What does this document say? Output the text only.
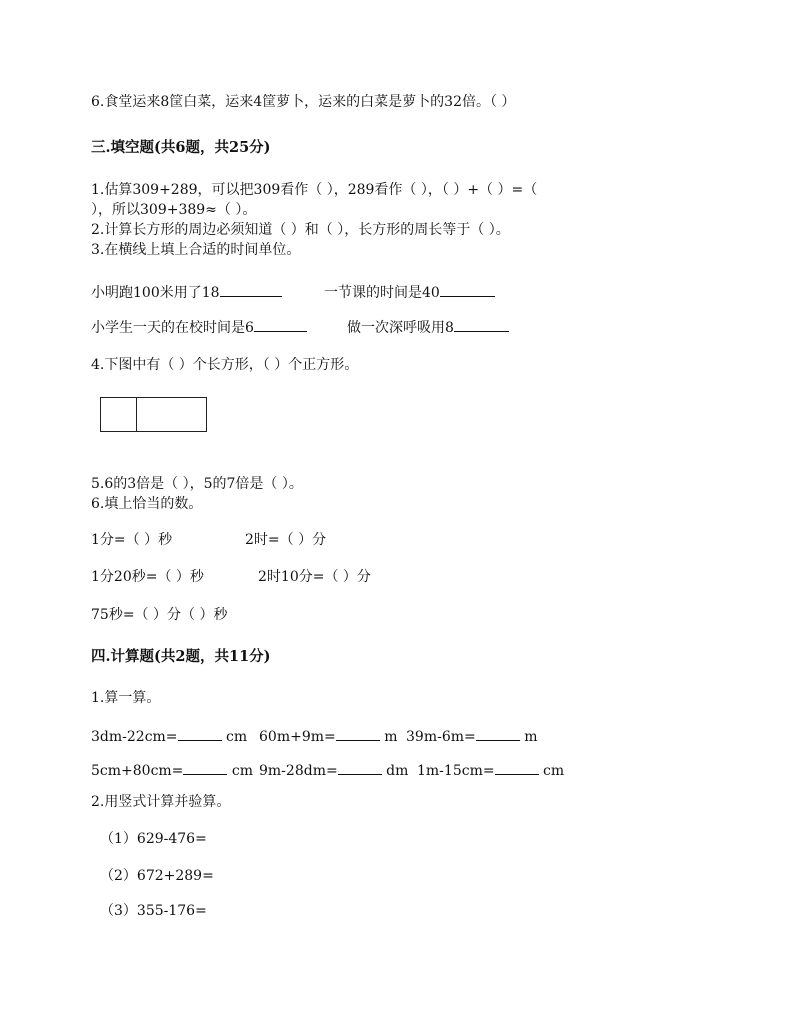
6.食堂运来8筐白菜，运来4筐萝卜，运来的白菜是萝卜的32倍。（ ）
三.填空题(共6题，共25分)
1.估算309+289，可以把309看作（ ），289看作（ ），（ ）+（ ）=（
），所以309+389≈（ ）。
2.计算长方形的周边必须知道（ ）和（ ），长方形的周长等于（ ）。
3.在横线上填上合适的时间单位。
小明跑100米用了18	一节课的时间是40
小学生一天的在校时间是6	做一次深呼吸用8
4.下图中有（ ）个长方形，（ ）个正方形。
5.6的3倍是（ ），5的7倍是（ ）。
6.填上恰当的数。
1分=（ ）秒	2时=（ ）分
1分20秒=（ ）秒	2时10分=（ ）分
75秒=（ ）分（ ）秒
四.计算题(共2题，共11分)
1.算一算。
3dm-22cm=	cm 60m+9m=	m 39m-6m=	m
5cm+80cm=	cm 9m-28dm=	dm 1m-15cm=	cm
2.用竖式计算并验算。
（1）629-476=
（2）672+289=
（3）355-176=
